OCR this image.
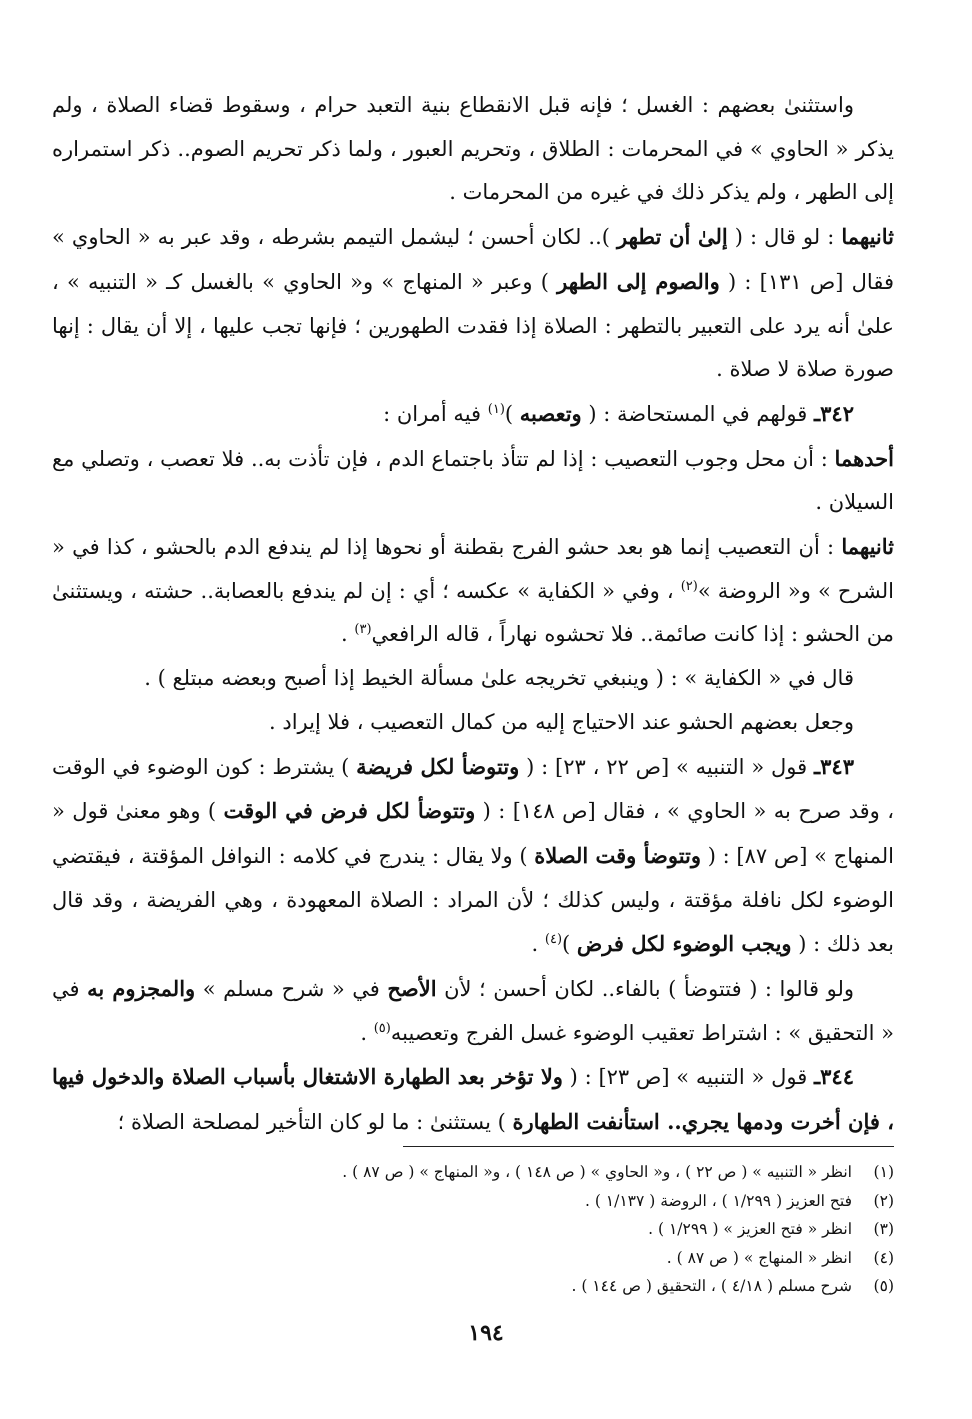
واستثنىٰ بعضهم : الغسل ؛ فإنه قبل الانقطاع بنية التعبد حرام ، وسقوط قضاء الصلاة ، ولم يذكر « الحاوي » في المحرمات : الطلاق ، وتحريم العبور ، ولما ذكر تحريم الصوم.. ذكر استمراره إلى الطهر ، ولم يذكر ذلك في غيره من المحرمات .

ثانيهما : لو قال : ( إلىٰ أن تطهر ).. لكان أحسن ؛ ليشمل التيمم بشرطه ، وقد عبر به « الحاوي » فقال [ص ١٣١] : ( والصوم إلى الطهر ) وعبر « المنهاج » و« الحاوي » بالغسل كـ « التنبيه » ، علىٰ أنه يرد على التعبير بالتطهر : الصلاة إذا فقدت الطهورين ؛ فإنها تجب عليها ، إلا أن يقال : إنها صورة صلاة لا صلاة .

٣٤٢ـ قولهم في المستحاضة : ( وتعصبه )$^{(١)}$ فيه أمران :

أحدهما : أن محل وجوب التعصيب : إذا لم تتأذ باجتماع الدم ، فإن تأذت به.. فلا تعصب ، وتصلي مع السيلان .

ثانيهما : أن التعصيب إنما هو بعد حشو الفرج بقطنة أو نحوها إذا لم يندفع الدم بالحشو ، كذا في « الشرح » و« الروضة »$^{(٢)}$ ، وفي « الكفاية » عكسه ؛ أي : إن لم يندفع بالعصابة.. حشته ، ويستثنىٰ من الحشو : إذا كانت صائمة.. فلا تحشوه نهاراً ، قاله الرافعي$^{(٣)}$ .

قال في « الكفاية » : ( وينبغي تخريجه علىٰ مسألة الخيط إذا أصبح وبعضه مبتلع ) .

وجعل بعضهم الحشو عند الاحتياج إليه من كمال التعصيب ، فلا إيراد .

٣٤٣ـ قول « التنبيه » [ص ٢٢ ، ٢٣] : ( وتتوضأ لكل فريضة ) يشترط : كون الوضوء في الوقت ، وقد صرح به « الحاوي » ، فقال [ص ١٤٨] : ( وتتوضأ لكل فرض في الوقت ) وهو معنىٰ قول « المنهاج » [ص ٨٧] : ( وتتوضأ وقت الصلاة ) ولا يقال : يندرج في كلامه : النوافل المؤقتة ، فيقتضي الوضوء لكل نافلة مؤقتة ، وليس كذلك ؛ لأن المراد : الصلاة المعهودة ، وهي الفريضة ، وقد قال بعد ذلك : ( ويجب الوضوء لكل فرض )$^{(٤)}$ .

ولو قالوا : ( فتتوضأ ) بالفاء.. لكان أحسن ؛ لأن الأصح في « شرح مسلم » والمجزوم به في « التحقيق » : اشتراط تعقيب الوضوء غسل الفرج وتعصيبه$^{(٥)}$ .

٣٤٤ـ قول « التنبيه » [ص ٢٣] : ( ولا تؤخر بعد الطهارة الاشتغال بأسباب الصلاة والدخول فيها ، فإن أخرت ودمها يجري.. استأنفت الطهارة ) يستثنىٰ : ما لو كان التأخير لمصلحة الصلاة ؛

(١)
انظر « التنبيه » ( ص ٢٢ ) ، و« الحاوي » ( ص ١٤٨ ) ، و« المنهاج » ( ص ٨٧ ) .
(٢)
فتح العزيز ( ١/٢٩٩ ) ، الروضة ( ١/١٣٧ ) .
(٣)
انظر « فتح العزيز » ( ١/٢٩٩ ) .
(٤)
انظر « المنهاج » ( ص ٨٧ ) .
(٥)
شرح مسلم ( ٤/١٨ ) ، التحقيق ( ص ١٤٤ ) .
١٩٤
